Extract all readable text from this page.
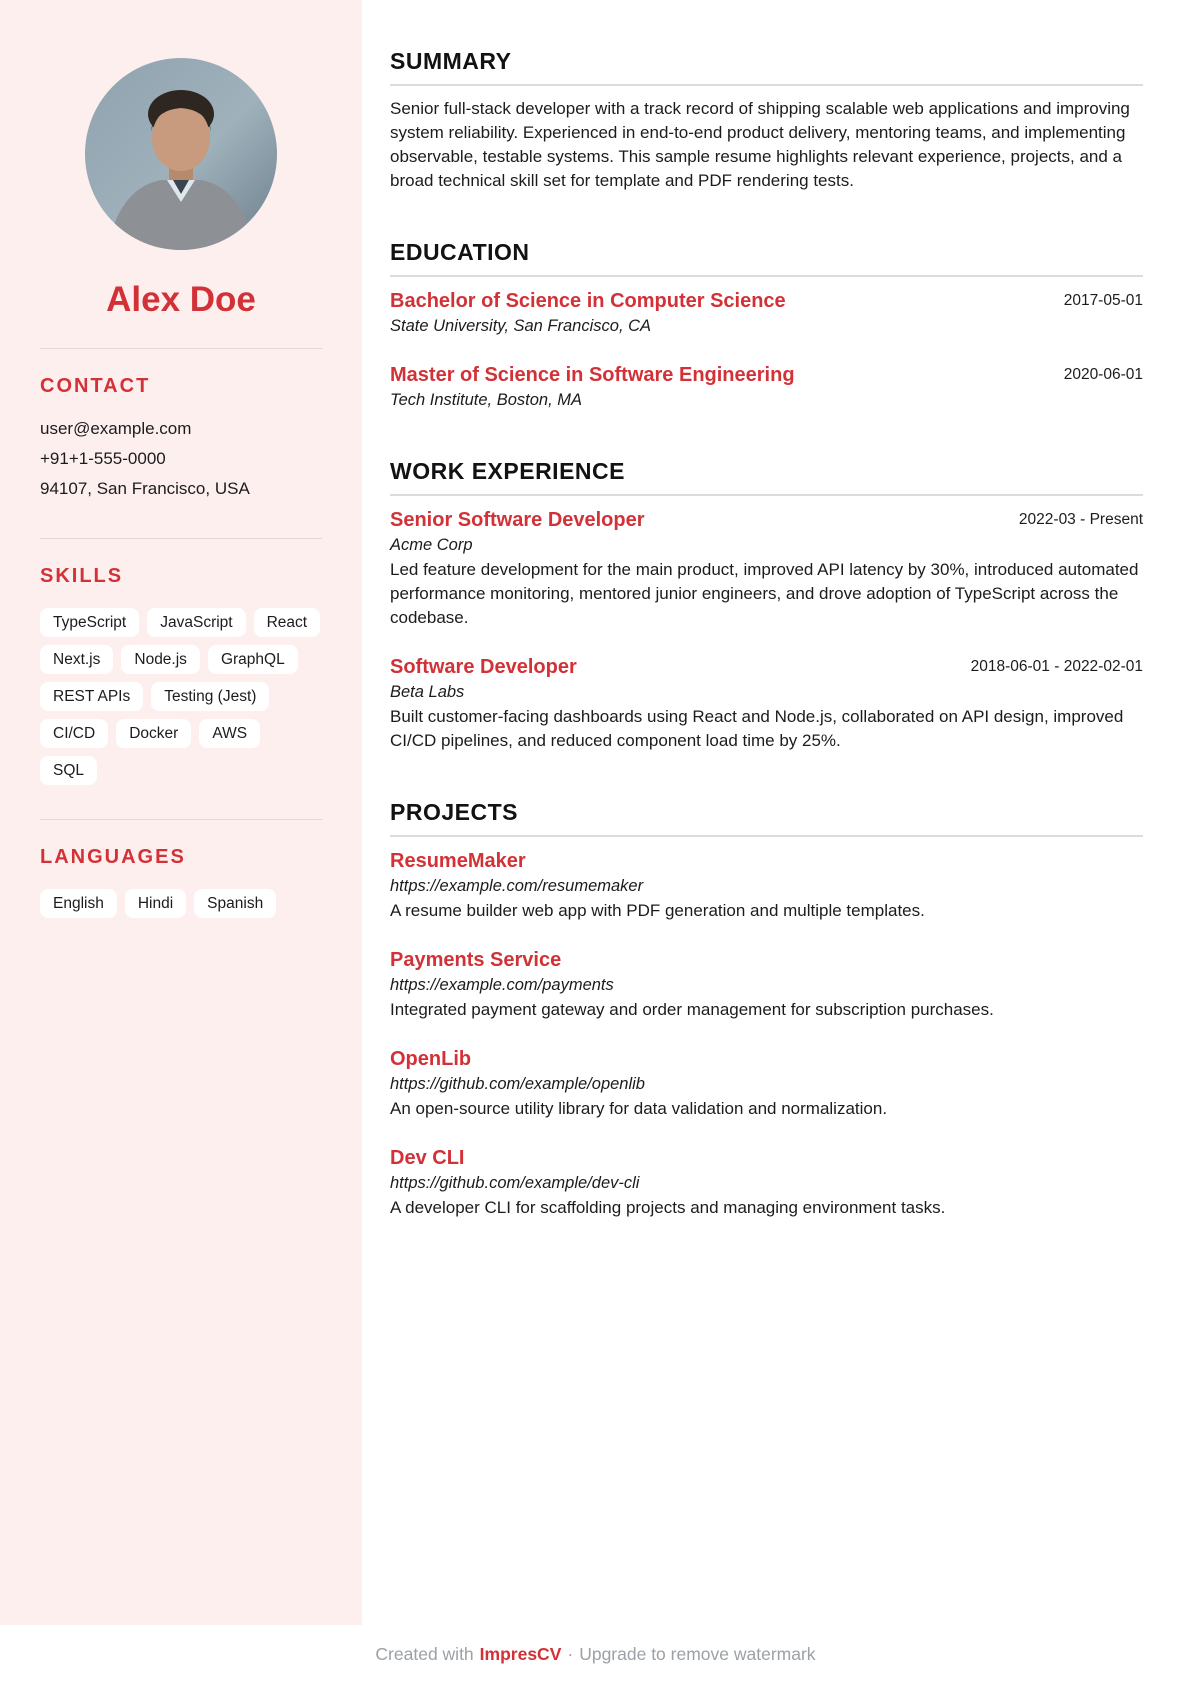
Alex Doe
CONTACT
user@example.com
+91+1-555-0000
94107, San Francisco, USA
SKILLS
TypeScript	JavaScript	React
Next.js	Node.js	GraphQL
REST APIs	Testing (Jest)
CI/CD	Docker	AWS
SQL
LANGUAGES
English	Hindi	Spanish
SUMMARY

Senior full-stack developer with a track record of shipping scalable web applications and improving system reliability. Experienced in end-to-end product delivery, mentoring teams, and implementing observable, testable systems. This sample resume highlights relevant experience, projects, and a broad technical skill set for template and PDF rendering tests.

EDUCATION
Bachelor of Science in Computer Science	2017-05-01
State University, San Francisco, CA
Master of Science in Software Engineering	2020-06-01
Tech Institute, Boston, MA
WORK EXPERIENCE
Senior Software Developer	2022-03 - Present
Acme Corp
Led feature development for the main product, improved API latency by 30%, introduced automated performance monitoring, mentored junior engineers, and drove adoption of TypeScript across the codebase.
Software Developer	2018-06-01 - 2022-02-01
Beta Labs
Built customer-facing dashboards using React and Node.js, collaborated on API design, improved CI/CD pipelines, and reduced component load time by 25%.
PROJECTS
ResumeMaker
https://example.com/resumemaker
A resume builder web app with PDF generation and multiple templates.
Payments Service
https://example.com/payments
Integrated payment gateway and order management for subscription purchases.
OpenLib
https://github.com/example/openlib
An open-source utility library for data validation and normalization.
Dev CLI
https://github.com/example/dev-cli
A developer CLI for scaffolding projects and managing environment tasks.
Created with ImpresCV · Upgrade to remove watermark
